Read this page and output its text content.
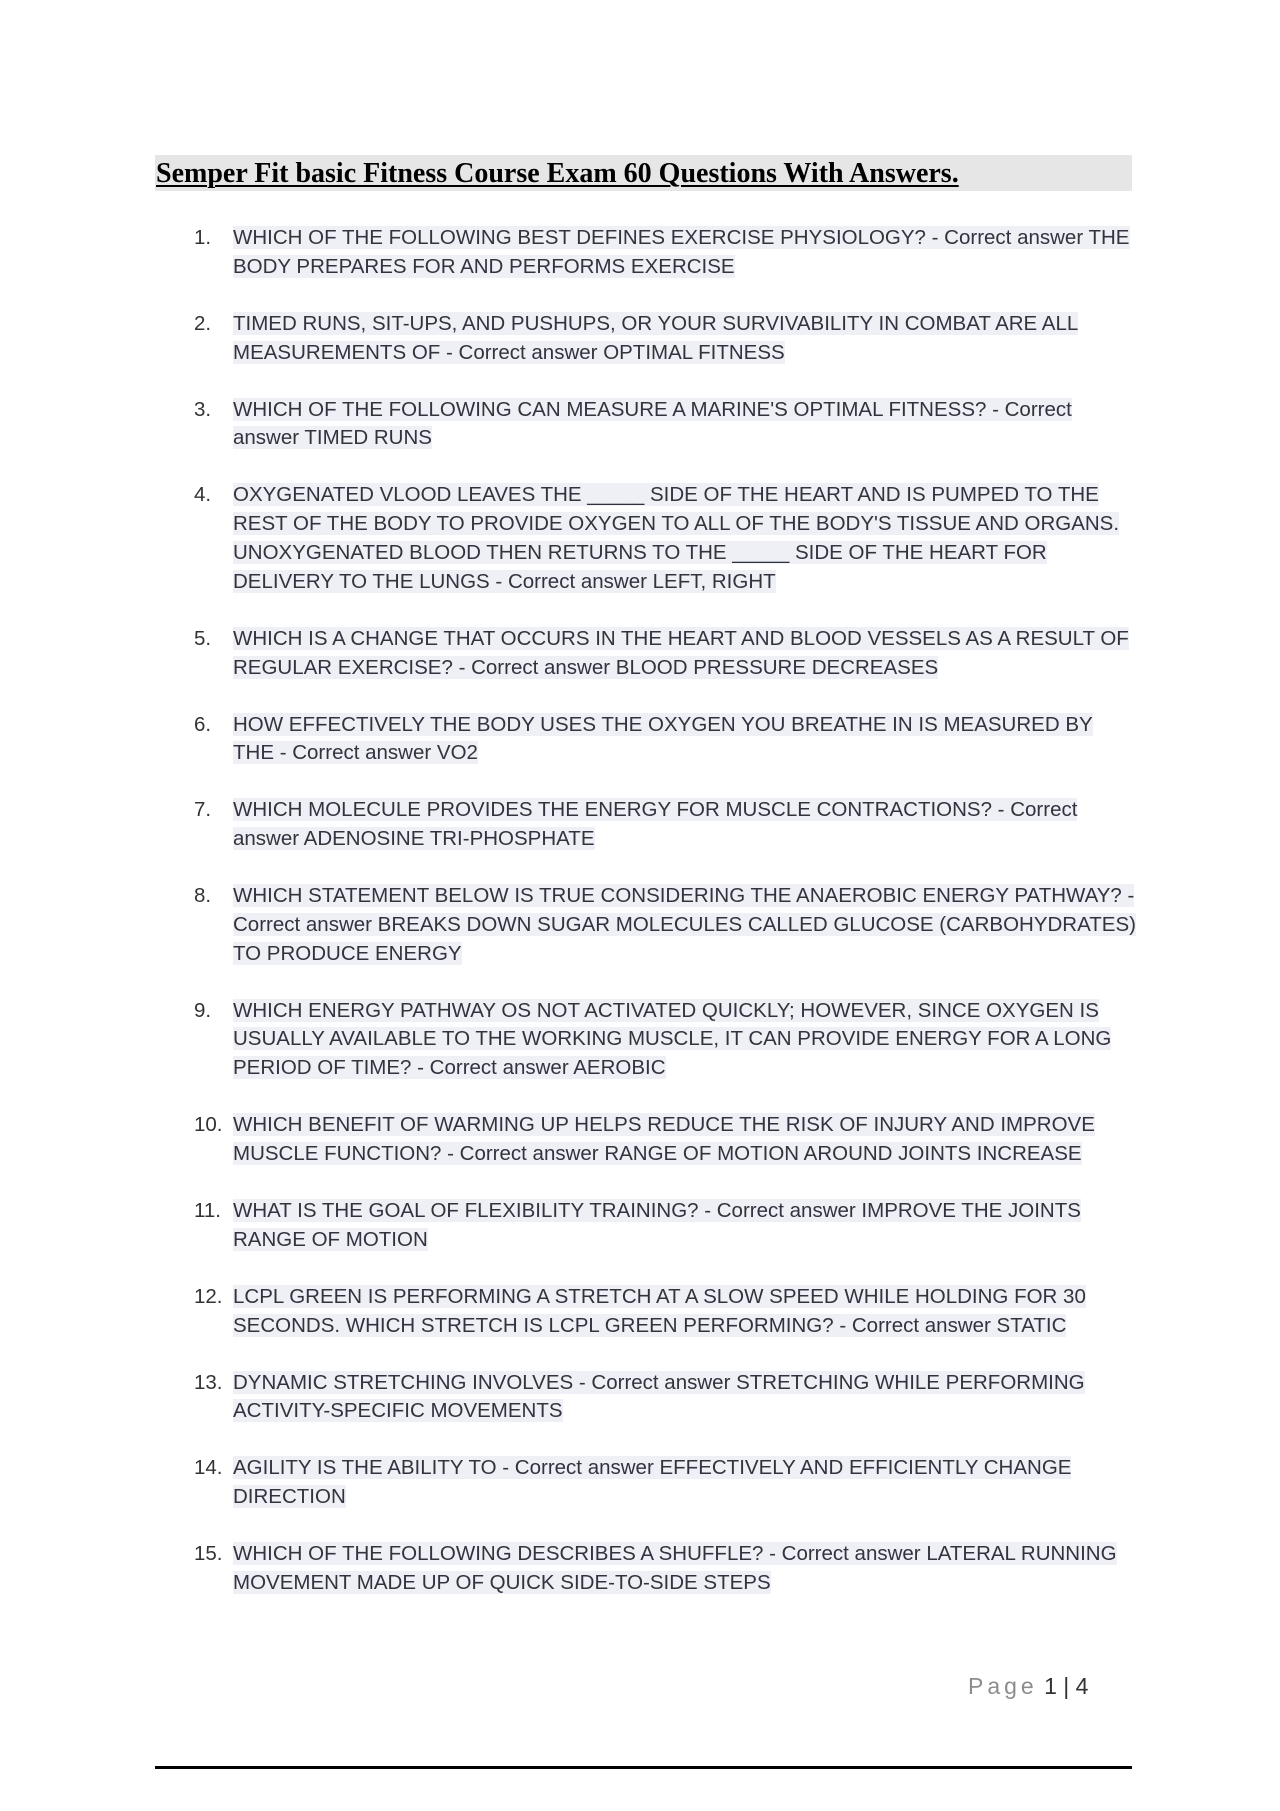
Semper Fit basic Fitness Course Exam 60 Questions With Answers.
1.	WHICH OF THE FOLLOWING BEST DEFINES EXERCISE PHYSIOLOGY? - Correct answer THE BODY PREPARES FOR AND PERFORMS EXERCISE
2.	TIMED RUNS, SIT-UPS, AND PUSHUPS, OR YOUR SURVIVABILITY IN COMBAT ARE ALL MEASUREMENTS OF - Correct answer OPTIMAL FITNESS
3.	WHICH OF THE FOLLOWING CAN MEASURE A MARINE'S OPTIMAL FITNESS? - Correct answer TIMED RUNS
4.	OXYGENATED VLOOD LEAVES THE _____ SIDE OF THE HEART AND IS PUMPED TO THE REST OF THE BODY TO PROVIDE OXYGEN TO ALL OF THE BODY'S TISSUE AND ORGANS. UNOXYGENATED BLOOD THEN RETURNS TO THE _____ SIDE OF THE HEART FOR DELIVERY TO THE LUNGS - Correct answer LEFT, RIGHT
5.	WHICH IS A CHANGE THAT OCCURS IN THE HEART AND BLOOD VESSELS AS A RESULT OF REGULAR EXERCISE? - Correct answer BLOOD PRESSURE DECREASES
6.	HOW EFFECTIVELY THE BODY USES THE OXYGEN YOU BREATHE IN IS MEASURED BY THE - Correct answer VO2
7.	WHICH MOLECULE PROVIDES THE ENERGY FOR MUSCLE CONTRACTIONS? - Correct answer ADENOSINE TRI-PHOSPHATE
8.	WHICH STATEMENT BELOW IS TRUE CONSIDERING THE ANAEROBIC ENERGY PATHWAY? - Correct answer BREAKS DOWN SUGAR MOLECULES CALLED GLUCOSE (CARBOHYDRATES) TO PRODUCE ENERGY
9.	WHICH ENERGY PATHWAY OS NOT ACTIVATED QUICKLY; HOWEVER, SINCE OXYGEN IS USUALLY AVAILABLE TO THE WORKING MUSCLE, IT CAN PROVIDE ENERGY FOR A LONG PERIOD OF TIME? - Correct answer AEROBIC
10. WHICH BENEFIT OF WARMING UP HELPS REDUCE THE RISK OF INJURY AND IMPROVE MUSCLE FUNCTION? - Correct answer RANGE OF MOTION AROUND JOINTS INCREASE
11. WHAT IS THE GOAL OF FLEXIBILITY TRAINING? - Correct answer IMPROVE THE JOINTS RANGE OF MOTION
12. LCPL GREEN IS PERFORMING A STRETCH AT A SLOW SPEED WHILE HOLDING FOR 30 SECONDS. WHICH STRETCH IS LCPL GREEN PERFORMING? - Correct answer STATIC
13. DYNAMIC STRETCHING INVOLVES - Correct answer STRETCHING WHILE PERFORMING ACTIVITY-SPECIFIC MOVEMENTS
14. AGILITY IS THE ABILITY TO - Correct answer EFFECTIVELY AND EFFICIENTLY CHANGE DIRECTION
15. WHICH OF THE FOLLOWING DESCRIBES A SHUFFLE? - Correct answer LATERAL RUNNING MOVEMENT MADE UP OF QUICK SIDE-TO-SIDE STEPS
Page 1 | 4
